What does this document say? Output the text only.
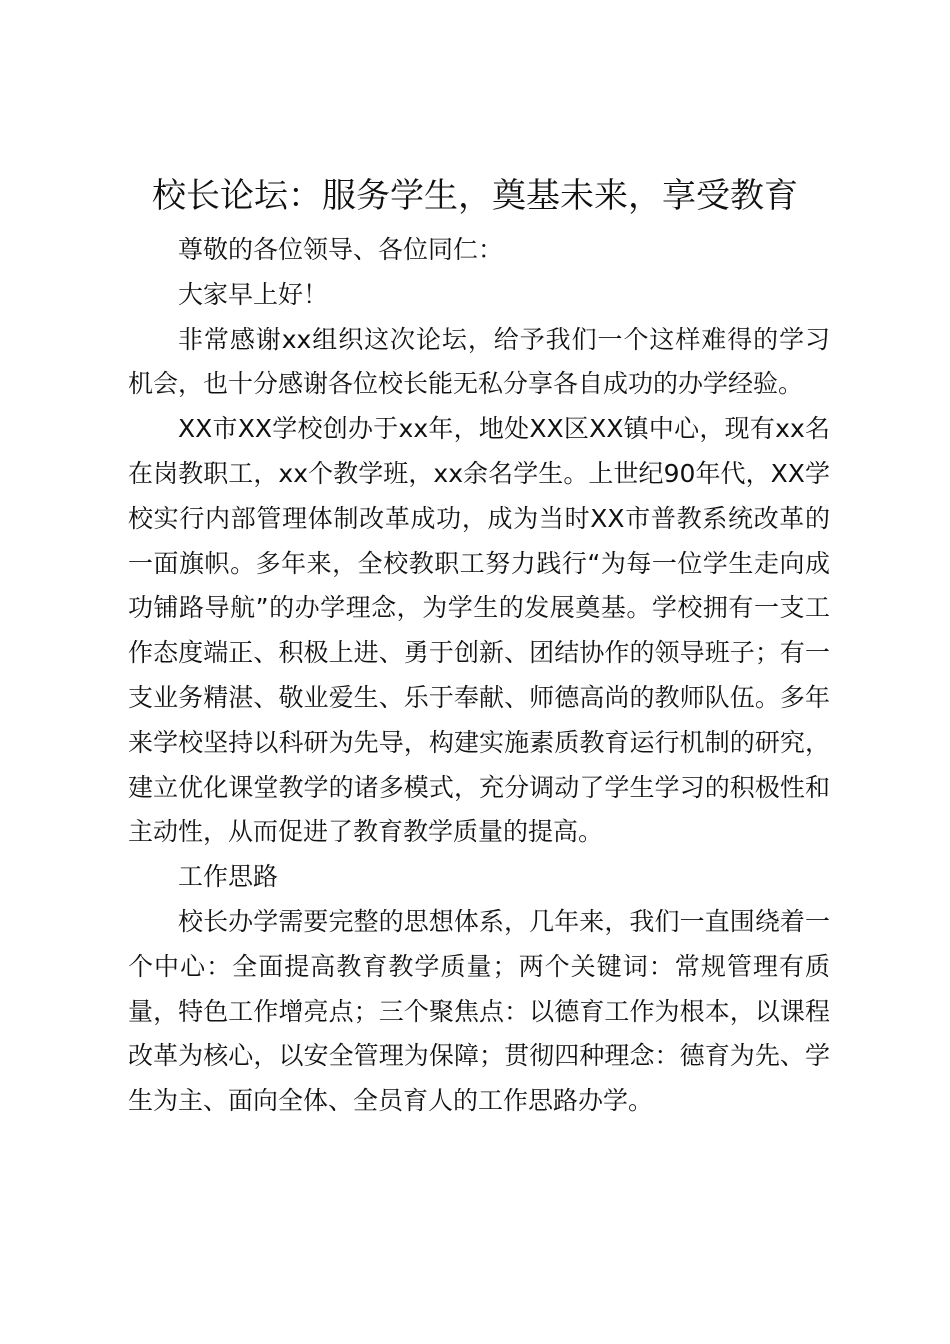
校长论坛：服务学生，奠基未来，享受教育

尊敬的各位领导、各位同仁：

大家早上好！

非常感谢xx组织这次论坛，给予我们一个这样难得的学习机会，也十分感谢各位校长能无私分享各自成功的办学经验。

XX市XX学校创办于xx年，地处XX区XX镇中心，现有xx名在岗教职工，xx个教学班，xx余名学生。上世纪90年代，XX学校实行内部管理体制改革成功，成为当时XX市普教系统改革的一面旗帜。多年来，全校教职工努力践行“为每一位学生走向成功铺路导航”的办学理念，为学生的发展奠基。学校拥有一支工作态度端正、积极上进、勇于创新、团结协作的领导班子；有一支业务精湛、敬业爱生、乐于奉献、师德高尚的教师队伍。多年来学校坚持以科研为先导，构建实施素质教育运行机制的研究，建立优化课堂教学的诸多模式，充分调动了学生学习的积极性和主动性，从而促进了教育教学质量的提高。

工作思路

校长办学需要完整的思想体系，几年来，我们一直围绕着一个中心：全面提高教育教学质量；两个关键词：常规管理有质量，特色工作增亮点；三个聚焦点：以德育工作为根本，以课程改革为核心，以安全管理为保障；贯彻四种理念：德育为先、学生为主、面向全体、全员育人的工作思路办学。
